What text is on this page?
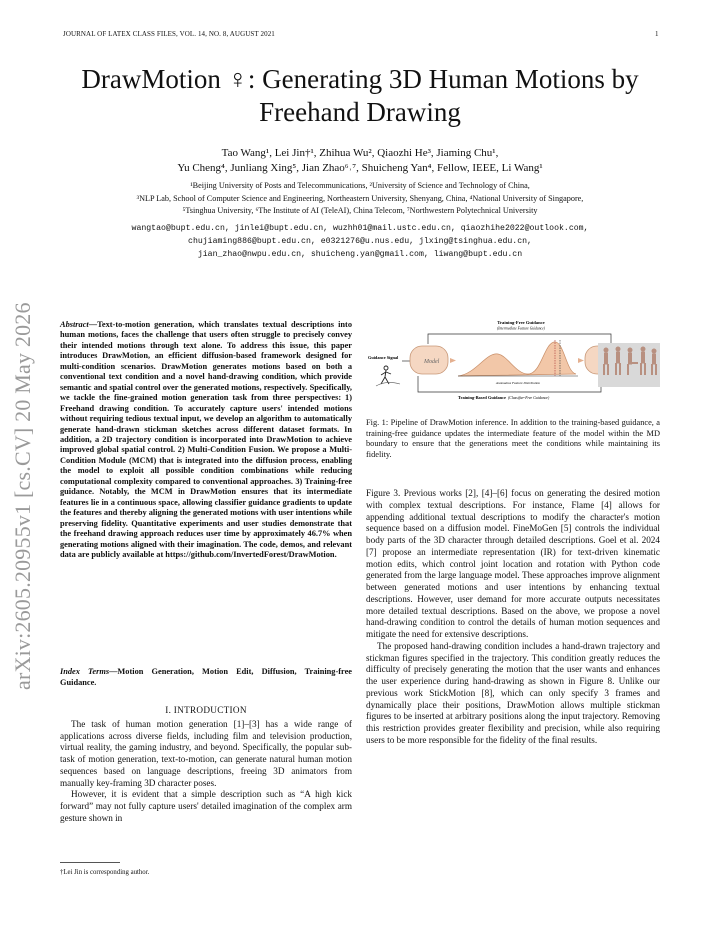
JOURNAL OF LATEX CLASS FILES, VOL. 14, NO. 8, AUGUST 2021	1
arXiv:2605.20955v1 [cs.CV] 20 May 2026
DrawMotion ♀: Generating 3D Human Motions by Freehand Drawing
Tao Wang¹, Lei Jin†¹, Zhihua Wu², Qiaozhi He³, Jiaming Chu¹,
Yu Cheng⁴, Junliang Xing⁵, Jian Zhao⁶˒⁷, Shuicheng Yan⁴, Fellow, IEEE, Li Wang¹
¹Beijing University of Posts and Telecommunications, ²University of Science and Technology of China,
³NLP Lab, School of Computer Science and Engineering, Northeastern University, Shenyang, China, ⁴National University of Singapore,
⁵Tsinghua University, ⁶The Institute of AI (TeleAI), China Telecom, ⁷Northwestern Polytechnical University
wangtao@bupt.edu.cn, jinlei@bupt.edu.cn, wuzhh01@mail.ustc.edu.cn, qiaozhihe2022@outlook.com,
chujiaming886@bupt.edu.cn, e0321276@u.nus.edu, jlxing@tsinghua.edu.cn,
jian_zhao@nwpu.edu.cn, shuicheng.yan@gmail.com, liwang@bupt.edu.cn
Abstract—Text-to-motion generation, which translates textual descriptions into human motions, faces the challenge that users often struggle to precisely convey their intended motions through text alone. To address this issue, this paper introduces DrawMotion, an efficient diffusion-based framework designed for multi-condition scenarios. DrawMotion generates motions based on both a conventional text condition and a novel hand-drawing condition, which provide semantic and spatial control over the generated motions, respectively. Specifically, we tackle the fine-grained motion generation task from three perspectives: 1) Freehand drawing condition. To accurately capture users' intended motions without requiring tedious textual input, we develop an algorithm to automatically generate hand-drawn stickman sketches across different dataset formats. In addition, a 2D trajectory condition is incorporated into DrawMotion to achieve improved global spatial control. 2) Multi-Condition Fusion. We propose a Multi-Condition Module (MCM) that is integrated into the diffusion process, enabling the model to exploit all possible condition combinations while reducing computational complexity compared to conventional approaches. 3) Training-free guidance. Notably, the MCM in DrawMotion ensures that its intermediate features lie in a continuous space, allowing classifier guidance gradients to update the features and thereby aligning the generated motions with user intentions while preserving fidelity. Quantitative experiments and user studies demonstrate that the freehand drawing approach reduces user time by approximately 46.7% when generating motions aligned with their imagination. The code, demos, and relevant data are publicly available at https://github.com/InvertedForest/DrawMotion.
Index Terms—Motion Generation, Motion Edit, Diffusion, Training-free Guidance.
I. INTRODUCTION

The task of human motion generation [1]–[3] has a wide range of applications across diverse fields, including film and television production, virtual reality, the gaming industry, and beyond. Specifically, the popular sub-task of motion generation, text-to-motion, can generate natural human motion sequences based on language descriptions, freeing 3D animators from manually key-framing 3D character poses.

However, it is evident that a simple description such as “A high kick forward” may not fully capture users' detailed imagination of the complex arm gesture shown in

†Lei Jin is corresponding author.
Training-Free Guidance
(Intermediate Feature Guidance)
Guidance Signal
Model
Anomalous Feature Distribution
Training-Based Guidance (Classifier-Free Guidance)
Fig. 1: Pipeline of DrawMotion inference. In addition to the training-based guidance, a training-free guidance updates the intermediate feature of the model within the MD boundary to ensure that the generations meet the conditions while maintaining its fidelity.

Figure 3. Previous works [2], [4]–[6] focus on generating the desired motion with complex textual descriptions. For instance, Flame [4] allows for appending additional textual descriptions to modify the character's motion sequence based on a diffusion model. FineMoGen [5] controls the individual body parts of the 3D character through detailed descriptions. Goel et al. 2024 [7] propose an intermediate representation (IR) for text-driven kinematic motion edits, which control joint location and rotation with Python code generated from the large language model. These approaches improve alignment between generated motions and user intentions by enhancing textual descriptions. However, user demand for more accurate outputs necessitates more detailed textual descriptions. Based on the above, we propose a novel hand-drawing condition to control the details of human motion sequences and mitigate the need for extensive descriptions.

The proposed hand-drawing condition includes a hand-drawn trajectory and stickman figures specified in the trajectory. This condition greatly reduces the difficulty of precisely generating the motion that the user wants and enhances the user experience during hand-drawing as shown in Figure 8. Unlike our previous work StickMotion [8], which can only specify 3 frames and dynamically place their positions, DrawMotion allows multiple stickman figures to be inserted at arbitrary positions along the input trajectory. Removing this restriction provides greater flexibility and precision, while also requiring users to be more responsible for the fidelity of the final results.
